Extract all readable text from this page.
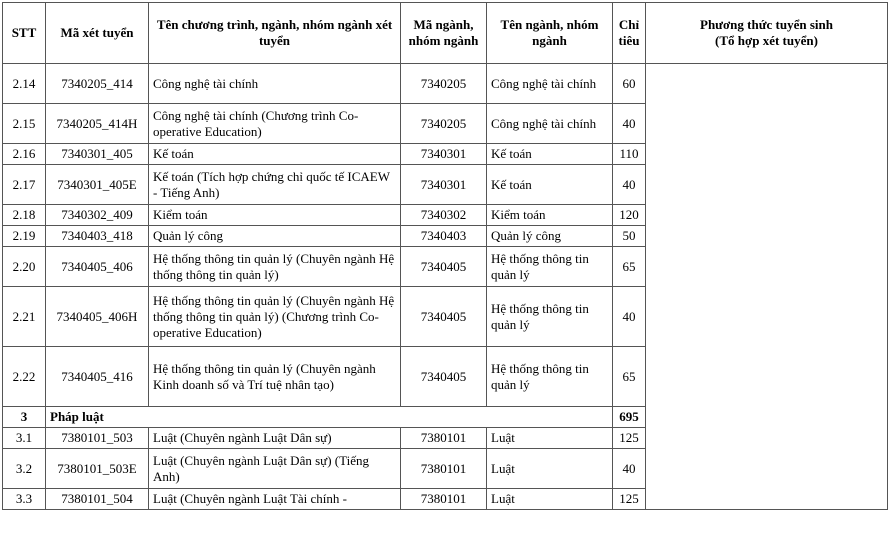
STT	Mã xét tuyển	Tên chương trình, ngành, nhóm ngành xét tuyển	Mã ngành, nhóm ngành	Tên ngành, nhóm ngành	Chỉ tiêu	Phương thức tuyển sinh
(Tổ hợp xét tuyển)

2.14	7340205_414	Công nghệ tài chính	7340205	Công nghệ tài chính	60	
2.15	7340205_414H	Công nghệ tài chính (Chương trình Co-operative Education)	7340205	Công nghệ tài chính	40	
2.16	7340301_405	Kế toán	7340301	Kế toán	110	
2.17	7340301_405E	Kế toán (Tích hợp chứng chỉ quốc tế ICAEW - Tiếng Anh)	7340301	Kế toán	40	
2.18	7340302_409	Kiểm toán	7340302	Kiểm toán	120	
2.19	7340403_418	Quản lý công	7340403	Quản lý công	50	
2.20	7340405_406	Hệ thống thông tin quản lý (Chuyên ngành Hệ thống thông tin quản lý)	7340405	Hệ thống thông tin quản lý	65	
2.21	7340405_406H	Hệ thống thông tin quản lý (Chuyên ngành Hệ thống thông tin quản lý) (Chương trình Co-operative Education)	7340405	Hệ thống thông tin quản lý	40	
2.22	7340405_416	Hệ thống thông tin quản lý (Chuyên ngành Kinh doanh số và Trí tuệ nhân tạo)	7340405	Hệ thống thông tin quản lý	65	
3	Pháp luật				695	
3.1	7380101_503	Luật (Chuyên ngành Luật Dân sự)	7380101	Luật	125	
3.2	7380101_503E	Luật (Chuyên ngành Luật Dân sự) (Tiếng Anh)	7380101	Luật	40	
3.3	7380101_504	Luật (Chuyên ngành Luật Tài chính -	7380101	Luật	125	
